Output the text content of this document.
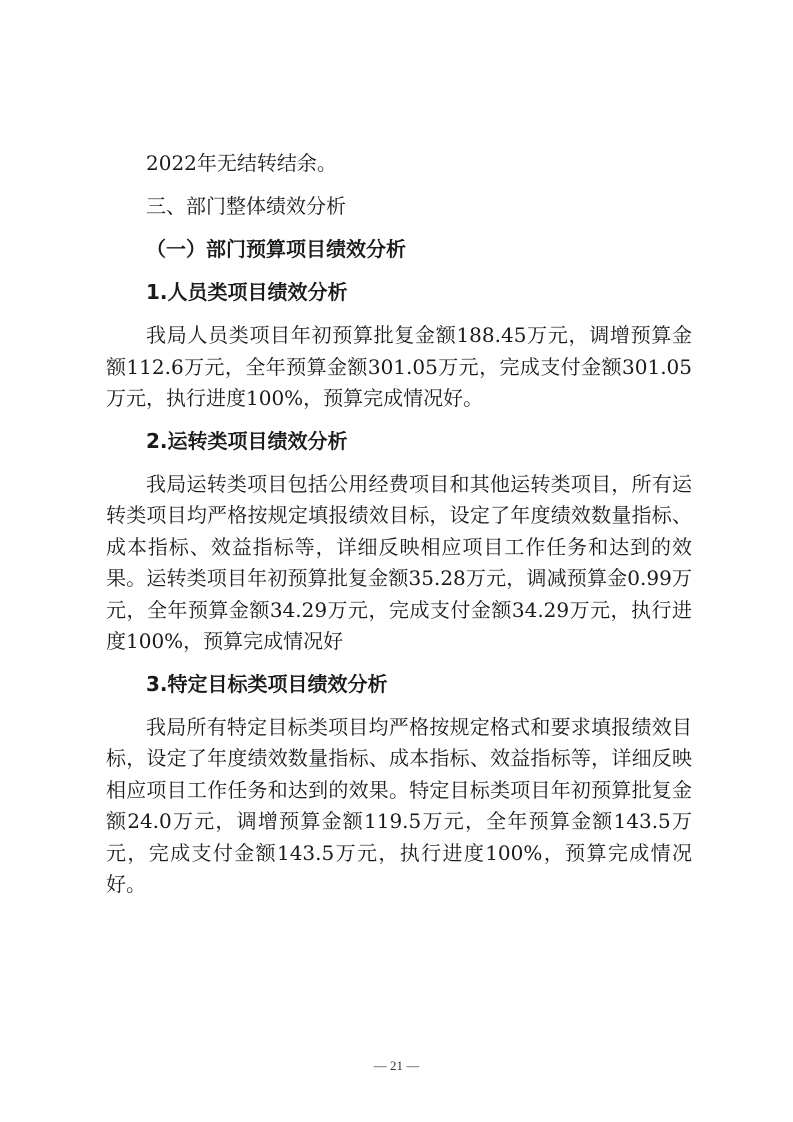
2022年无结转结余。
三、部门整体绩效分析
（一）部门预算项目绩效分析
1.人员类项目绩效分析
我局人员类项目年初预算批复金额188.45万元，调增预算金额112.6万元，全年预算金额301.05万元，完成支付金额301.05万元，执行进度100%，预算完成情况好。
2.运转类项目绩效分析
我局运转类项目包括公用经费项目和其他运转类项目，所有运转类项目均严格按规定填报绩效目标，设定了年度绩效数量指标、成本指标、效益指标等，详细反映相应项目工作任务和达到的效果。运转类项目年初预算批复金额35.28万元，调减预算金0.99万元，全年预算金额34.29万元，完成支付金额34.29万元，执行进度100%，预算完成情况好
3.特定目标类项目绩效分析
我局所有特定目标类项目均严格按规定格式和要求填报绩效目标，设定了年度绩效数量指标、成本指标、效益指标等，详细反映相应项目工作任务和达到的效果。特定目标类项目年初预算批复金额24.0万元，调增预算金额119.5万元，全年预算金额143.5万元，完成支付金额143.5万元，执行进度100%，预算完成情况好。
— 21 —
